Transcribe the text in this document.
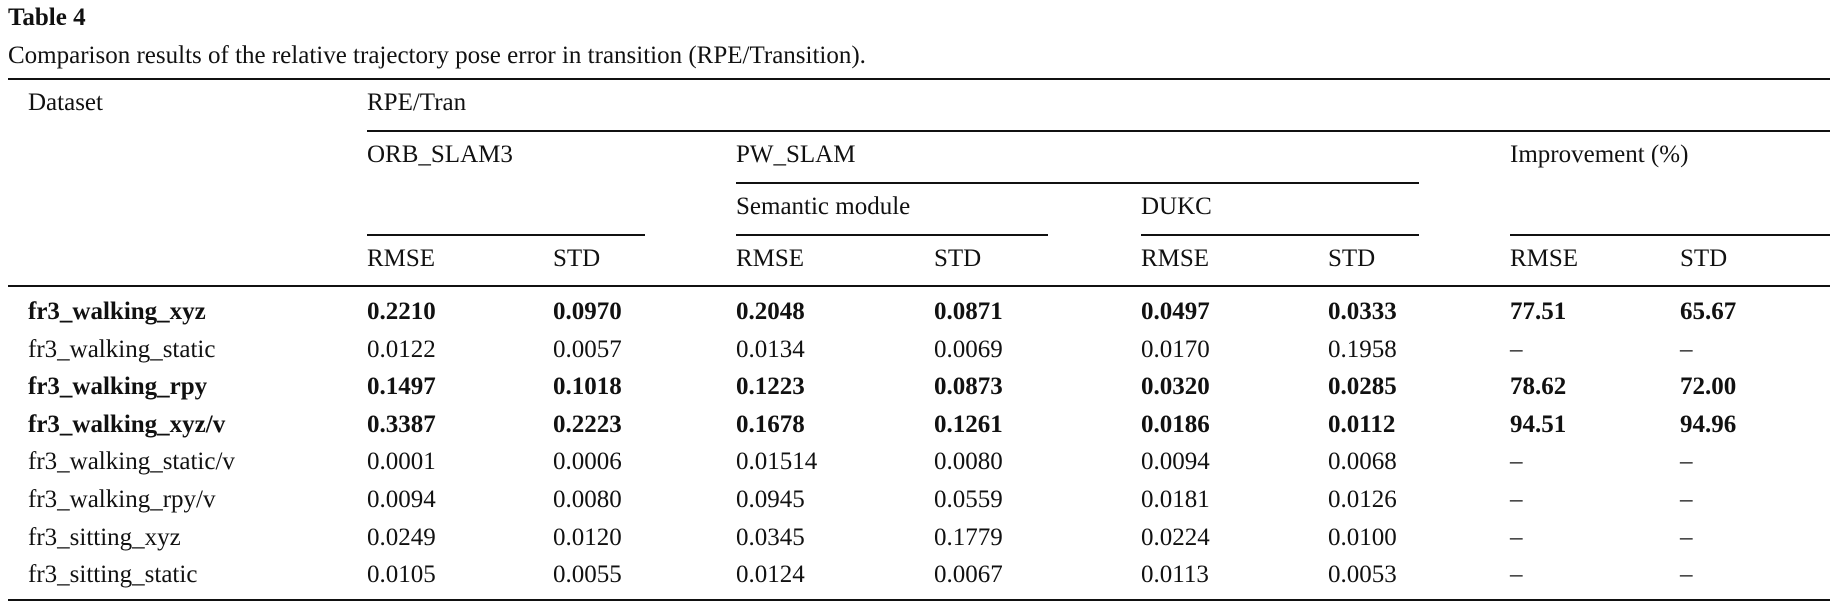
Table 4
Comparison results of the relative trajectory pose error in transition (RPE/Transition).
Dataset	RPE/Tran
ORB_SLAM3	PW_SLAM	Improvement (%)
Semantic module	DUKC
RMSE	STD	RMSE	STD	RMSE	STD	RMSE	STD
fr3_walking_xyz	0.2210	0.0970	0.2048	0.0871	0.0497	0.0333	77.51	65.67
fr3_walking_static	0.0122	0.0057	0.0134	0.0069	0.0170	0.1958	–	–
fr3_walking_rpy	0.1497	0.1018	0.1223	0.0873	0.0320	0.0285	78.62	72.00
fr3_walking_xyz/v	0.3387	0.2223	0.1678	0.1261	0.0186	0.0112	94.51	94.96
fr3_walking_static/v	0.0001	0.0006	0.01514	0.0080	0.0094	0.0068	–	–
fr3_walking_rpy/v	0.0094	0.0080	0.0945	0.0559	0.0181	0.0126	–	–
fr3_sitting_xyz	0.0249	0.0120	0.0345	0.1779	0.0224	0.0100	–	–
fr3_sitting_static	0.0105	0.0055	0.0124	0.0067	0.0113	0.0053	–	–
